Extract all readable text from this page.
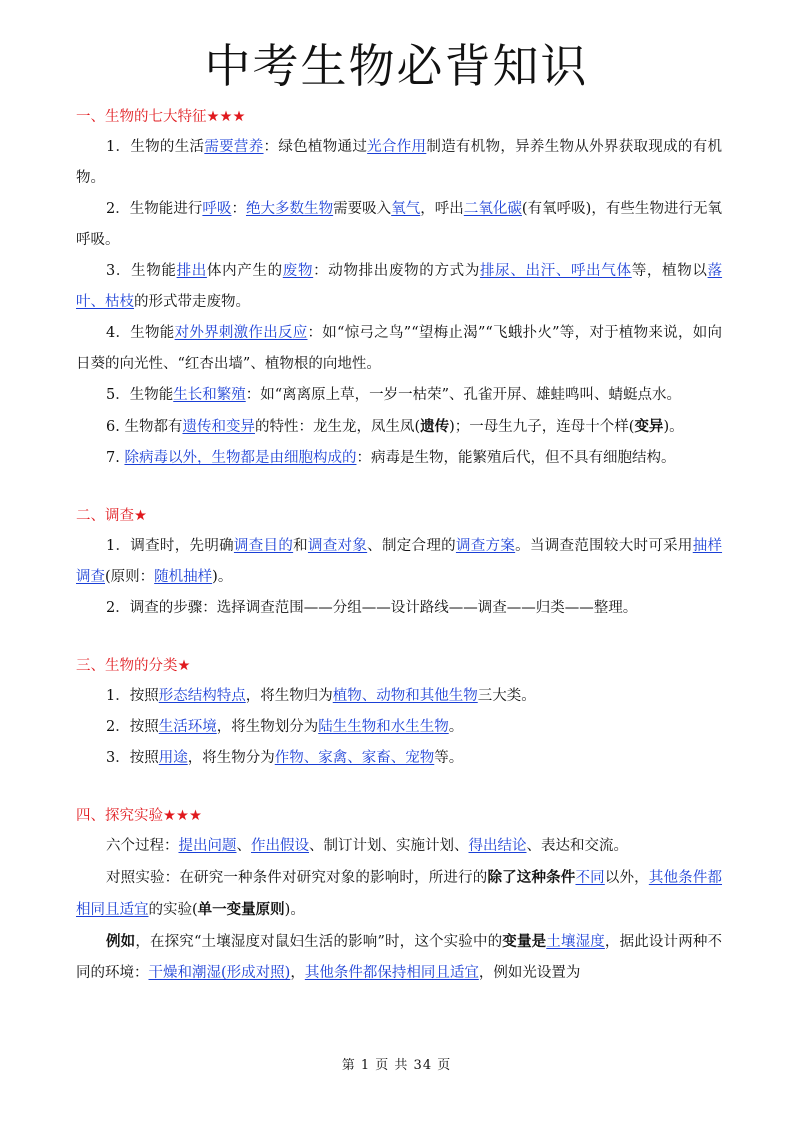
中考生物必背知识
一、生物的七大特征★★★

1．生物的生活需要营养：绿色植物通过光合作用制造有机物，异养生物从外界获取现成的有机物。

2．生物能进行呼吸：绝大多数生物需要吸入氧气，呼出二氧化碳(有氧呼吸)，有些生物进行无氧呼吸。

3．生物能排出体内产生的废物：动物排出废物的方式为排尿、出汗、呼出气体等，植物以落叶、枯枝的形式带走废物。

4．生物能对外界刺激作出反应：如“惊弓之鸟”“望梅止渴”“飞蛾扑火”等，对于植物来说，如向日葵的向光性、“红杏出墙”、植物根的向地性。

5．生物能生长和繁殖：如“离离原上草，一岁一枯荣”、孔雀开屏、雄蛙鸣叫、蜻蜓点水。

6. 生物都有遗传和变异的特性：龙生龙，凤生凤(遗传)；一母生九子，连母十个样(变异)。

7. 除病毒以外，生物都是由细胞构成的：病毒是生物，能繁殖后代，但不具有细胞结构。

二、调查★

1．调查时，先明确调查目的和调查对象、制定合理的调查方案。当调查范围较大时可采用抽样调查(原则：随机抽样)。

2．调查的步骤：选择调查范围——分组——设计路线——调查——归类——整理。

三、生物的分类★

1．按照形态结构特点，将生物归为植物、动物和其他生物三大类。

2．按照生活环境，将生物划分为陆生生物和水生生物。

3．按照用途，将生物分为作物、家禽、家畜、宠物等。

四、探究实验★★★

六个过程：提出问题、作出假设、制订计划、实施计划、得出结论、表达和交流。

对照实验：在研究一种条件对研究对象的影响时，所进行的除了这种条件不同以外，其他条件都相同且适宜的实验(单一变量原则)。

例如，在探究“土壤湿度对鼠妇生活的影响”时，这个实验中的变量是土壤湿度，据此设计两种不同的环境：干燥和潮湿(形成对照)，其他条件都保持相同且适宜，例如光设置为

第 1 页 共 34 页
